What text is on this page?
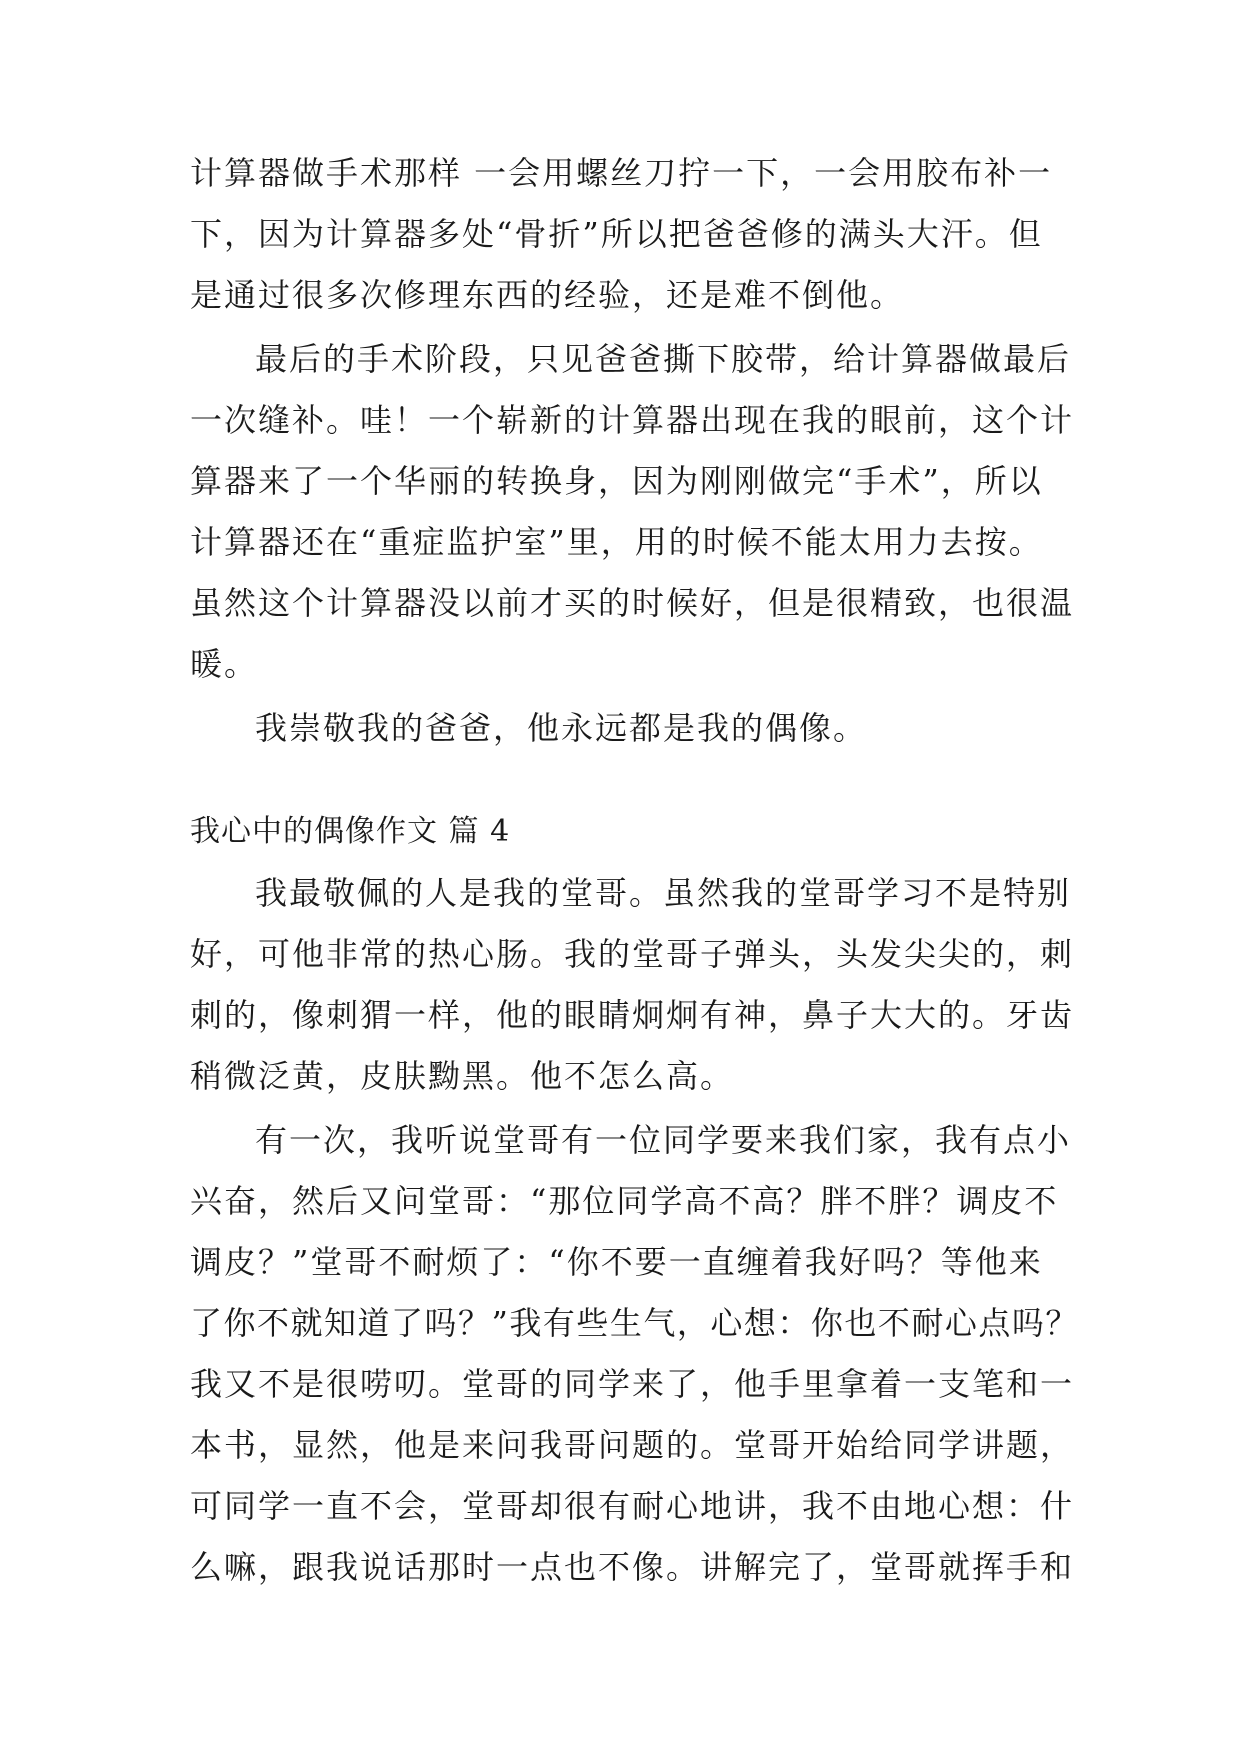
计算器做手术那样 一会用螺丝刀拧一下，一会用胶布补一
下，因为计算器多处“骨折”所以把爸爸修的满头大汗。但
是通过很多次修理东西的经验，还是难不倒他。
最后的手术阶段，只见爸爸撕下胶带，给计算器做最后
一次缝补。哇！一个崭新的计算器出现在我的眼前，这个计
算器来了一个华丽的转换身，因为刚刚做完“手术”，所以
计算器还在“重症监护室”里，用的时候不能太用力去按。
虽然这个计算器没以前才买的时候好，但是很精致，也很温
暖。
我崇敬我的爸爸，他永远都是我的偶像。
我心中的偶像作文 篇 4
我最敬佩的人是我的堂哥。虽然我的堂哥学习不是特别
好，可他非常的热心肠。我的堂哥子弹头，头发尖尖的，刺
刺的，像刺猬一样，他的眼睛炯炯有神，鼻子大大的。牙齿
稍微泛黄，皮肤黝黑。他不怎么高。
有一次，我听说堂哥有一位同学要来我们家，我有点小
兴奋，然后又问堂哥：“那位同学高不高？胖不胖？调皮不
调皮？”堂哥不耐烦了：“你不要一直缠着我好吗？等他来
了你不就知道了吗？”我有些生气，心想：你也不耐心点吗？
我又不是很唠叨。堂哥的同学来了，他手里拿着一支笔和一
本书，显然，他是来问我哥问题的。堂哥开始给同学讲题，
可同学一直不会，堂哥却很有耐心地讲，我不由地心想：什
么嘛，跟我说话那时一点也不像。讲解完了，堂哥就挥手和
